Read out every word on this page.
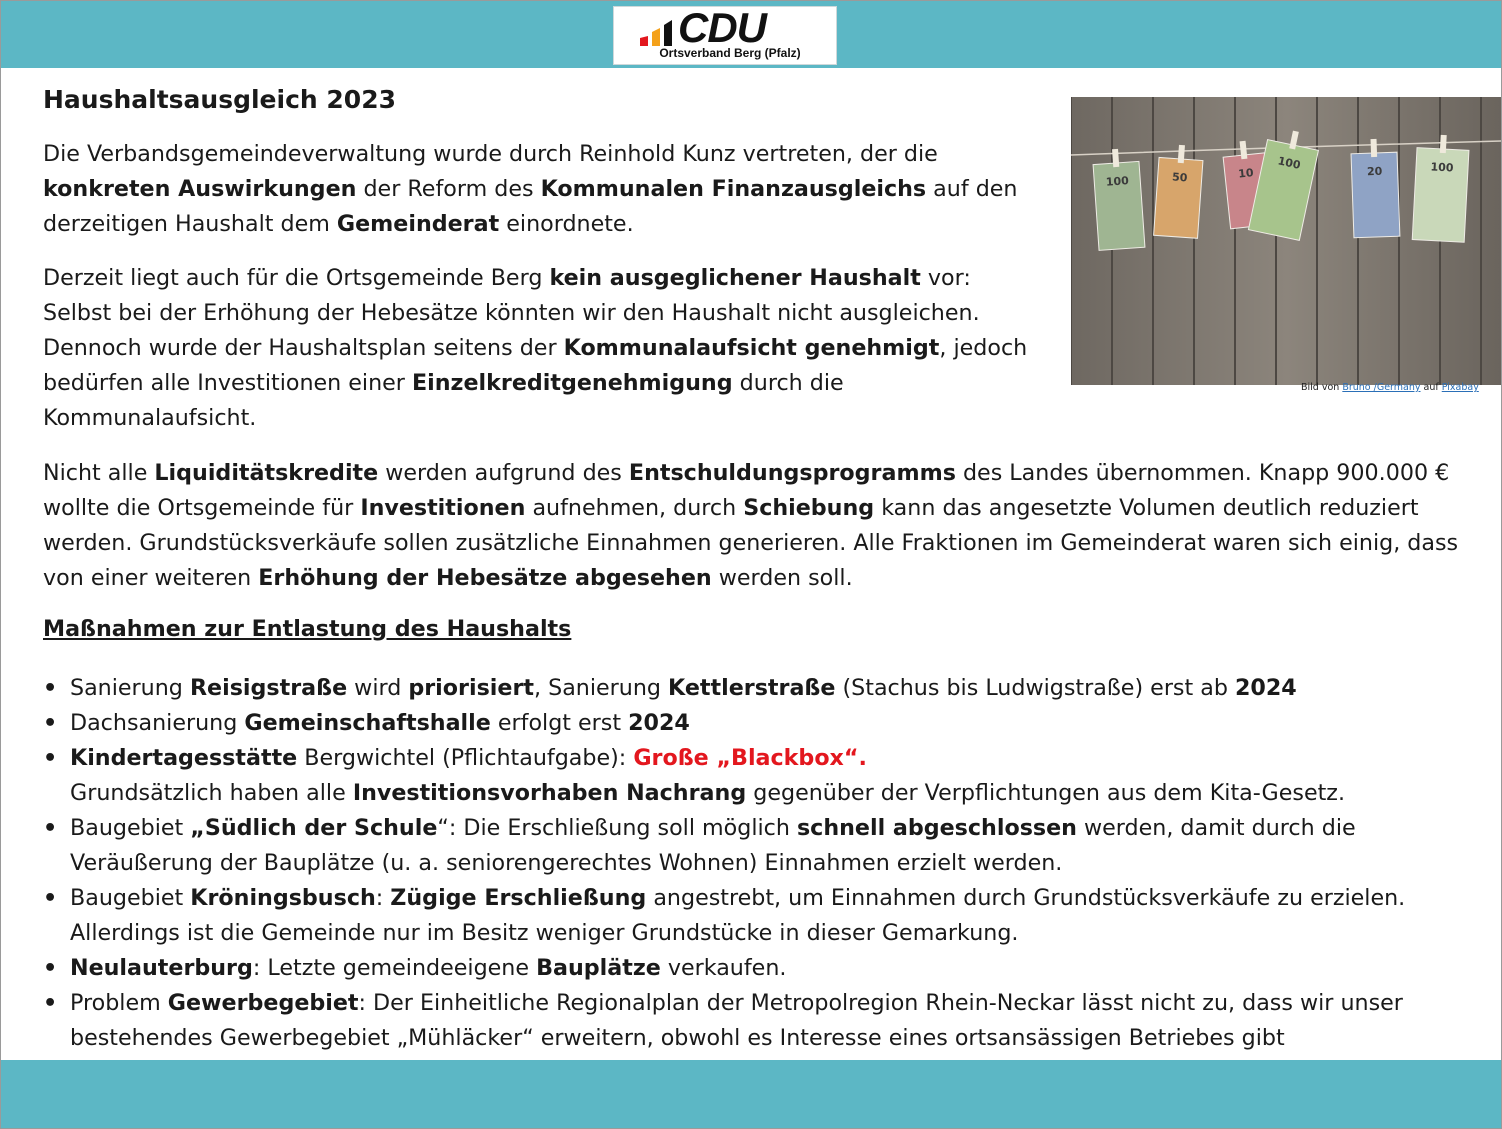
CDU
Ortsverband Berg (Pfalz)
Haushaltsausgleich 2023

Die Verbandsgemeindeverwaltung wurde durch Reinhold Kunz vertreten, der die konkreten Auswirkungen der Reform des Kommunalen Finanzausgleichs auf den derzeitigen Haushalt dem Gemeinderat einordnete.

Derzeit liegt auch für die Ortsgemeinde Berg kein ausgeglichener Haushalt vor:
Selbst bei der Erhöhung der Hebesätze könnten wir den Haushalt nicht ausgleichen.
Dennoch wurde der Haushaltsplan seitens der Kommunalaufsicht genehmigt, jedoch bedürfen alle Investitionen einer Einzelkreditgenehmigung durch die Kommunalaufsicht.

Nicht alle Liquiditätskredite werden aufgrund des Entschuldungsprogramms des Landes übernommen. Knapp 900.000 € wollte die Ortsgemeinde für Investitionen aufnehmen, durch Schiebung kann das angesetzte Volumen deutlich reduziert werden. Grundstücksverkäufe sollen zusätzliche Einnahmen generieren. Alle Fraktionen im Gemeinderat waren sich einig, dass von einer weiteren Erhöhung der Hebesätze abgesehen werden soll.

100	50	10
100	20	100
Bild von Bruno /Germany auf Pixabay
Maßnahmen zur Entlastung des Haushalts
• Sanierung Reisigstraße wird priorisiert, Sanierung Kettlerstraße (Stachus bis Ludwigstraße) erst ab 2024
• Dachsanierung Gemeinschaftshalle erfolgt erst 2024
• Kindertagesstätte Bergwichtel (Pflichtaufgabe): Große „Blackbox“.
Grundsätzlich haben alle Investitionsvorhaben Nachrang gegenüber der Verpflichtungen aus dem Kita-Gesetz.
• Baugebiet „Südlich der Schule“: Die Erschließung soll möglich schnell abgeschlossen werden, damit durch die Veräußerung der Bauplätze (u. a. seniorengerechtes Wohnen) Einnahmen erzielt werden.
• Baugebiet Kröningsbusch: Zügige Erschließung angestrebt, um Einnahmen durch Grundstücksverkäufe zu erzielen. Allerdings ist die Gemeinde nur im Besitz weniger Grundstücke in dieser Gemarkung.
• Neulauterburg: Letzte gemeindeeigene Bauplätze verkaufen.
• Problem Gewerbegebiet: Der Einheitliche Regionalplan der Metropolregion Rhein-Neckar lässt nicht zu, dass wir unser bestehendes Gewerbegebiet „Mühläcker“ erweitern, obwohl es Interesse eines ortsansässigen Betriebes gibt
